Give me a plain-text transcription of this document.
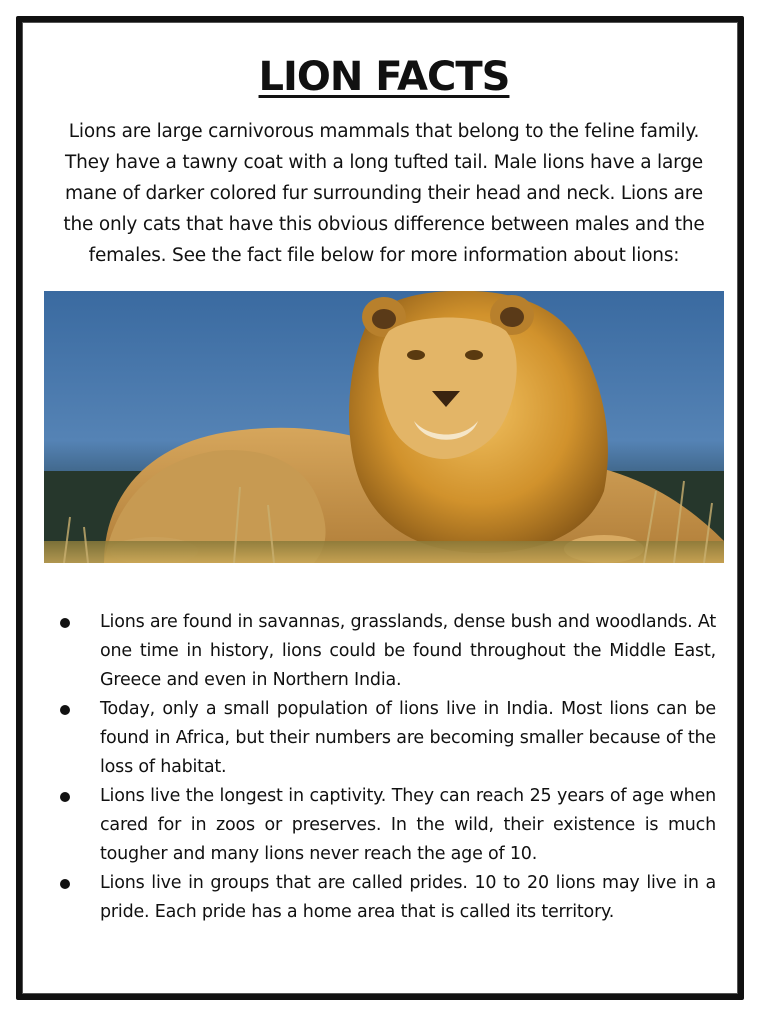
LION FACTS
Lions are large carnivorous mammals that belong to the feline family. They have a tawny coat with a long tufted tail. Male lions have a large mane of darker colored fur surrounding their head and neck. Lions are the only cats that have this obvious difference between males and the females. See the fact file below for more information about lions:
Lions are found in savannas, grasslands, dense bush and woodlands. At one time in history, lions could be found throughout the Middle East, Greece and even in Northern India.
Today, only a small population of lions live in India. Most lions can be found in Africa, but their numbers are becoming smaller because of the loss of habitat.
Lions live the longest in captivity. They can reach 25 years of age when cared for in zoos or preserves. In the wild, their existence is much tougher and many lions never reach the age of 10.
Lions live in groups that are called prides. 10 to 20 lions may live in a pride. Each pride has a home area that is called its territory.
